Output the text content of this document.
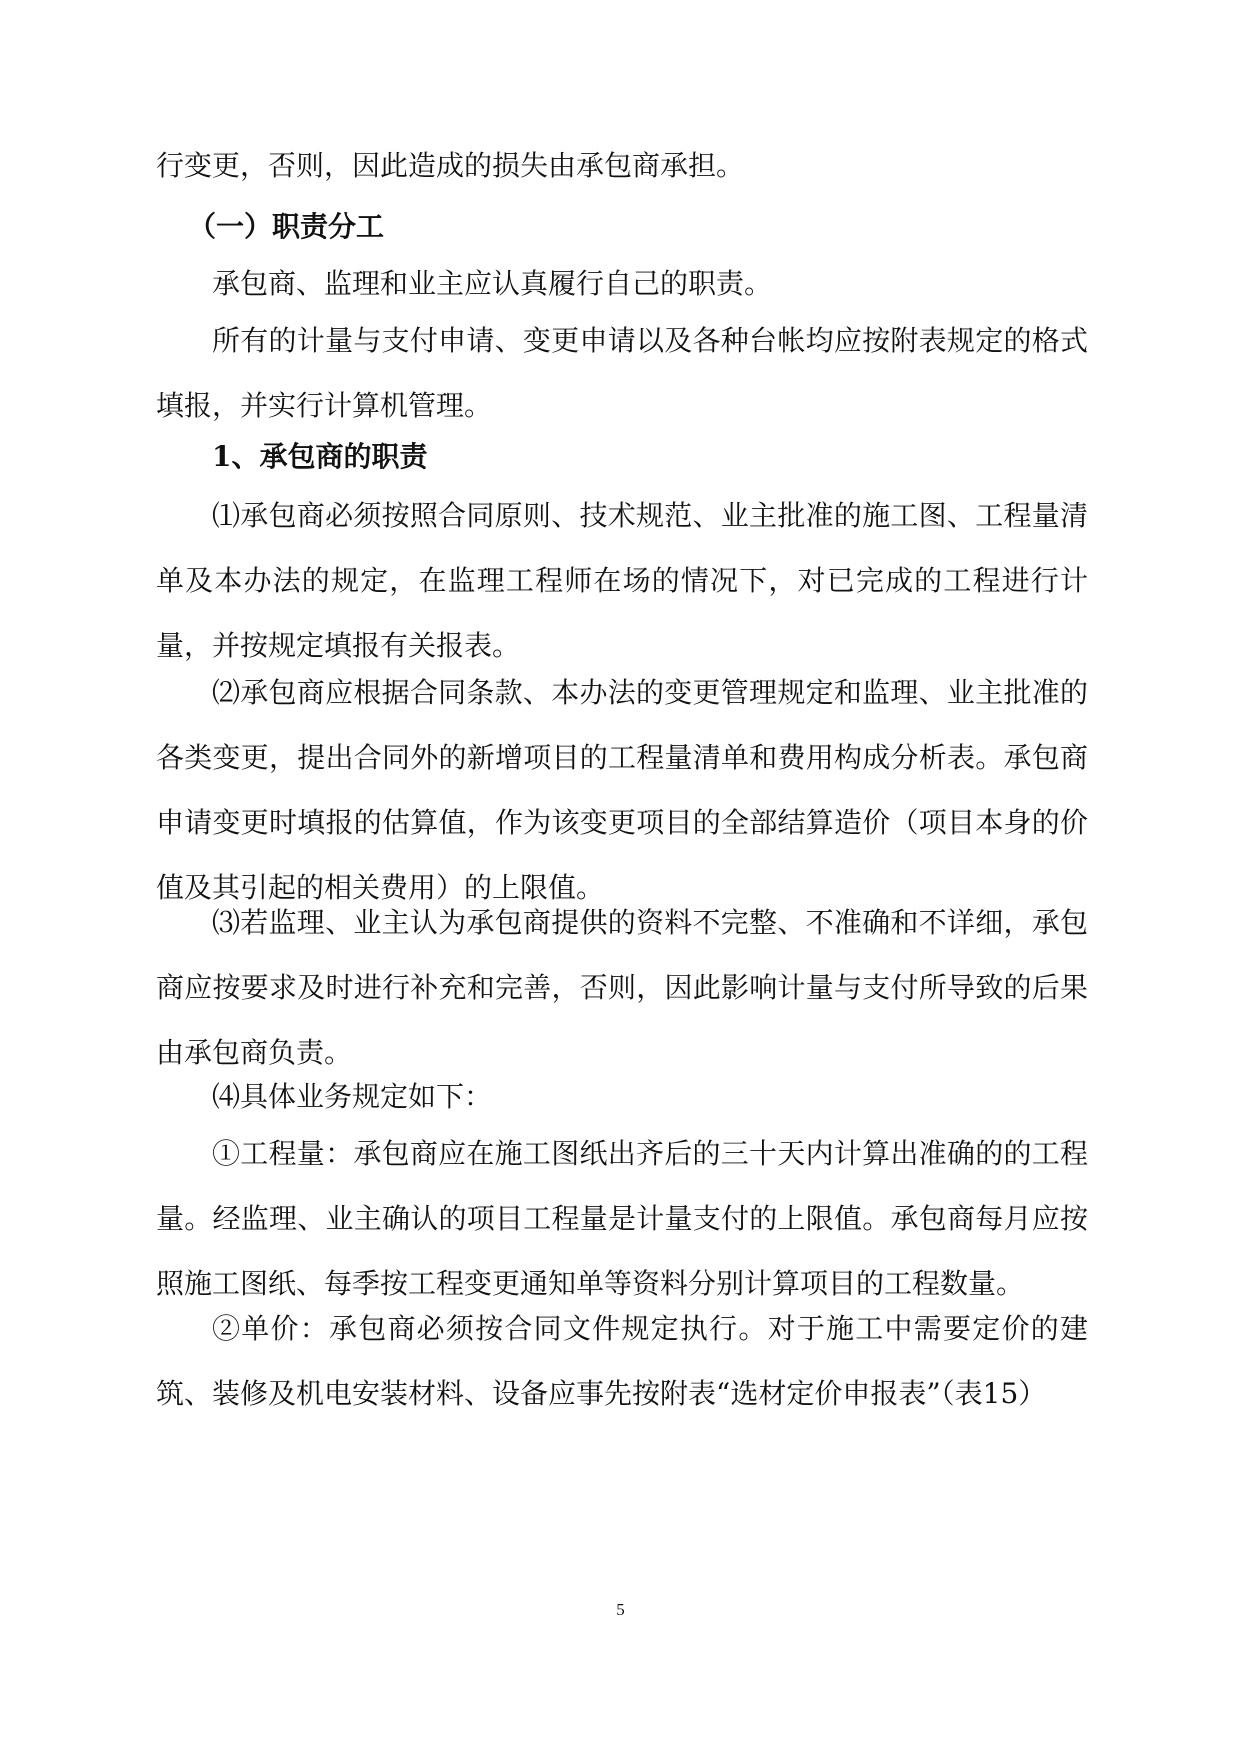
行变更，否则，因此造成的损失由承包商承担。

（一）职责分工

承包商、监理和业主应认真履行自己的职责。

所有的计量与支付申请、变更申请以及各种台帐均应按附表规定的格式填报，并实行计算机管理。

1、承包商的职责

⑴承包商必须按照合同原则、技术规范、业主批准的施工图、工程量清单及本办法的规定，在监理工程师在场的情况下，对已完成的工程进行计量，并按规定填报有关报表。

⑵承包商应根据合同条款、本办法的变更管理规定和监理、业主批准的各类变更，提出合同外的新增项目的工程量清单和费用构成分析表。承包商申请变更时填报的估算值，作为该变更项目的全部结算造价（项目本身的价值及其引起的相关费用）的上限值。

⑶若监理、业主认为承包商提供的资料不完整、不准确和不详细，承包商应按要求及时进行补充和完善，否则，因此影响计量与支付所导致的后果由承包商负责。

⑷具体业务规定如下：

①工程量：承包商应在施工图纸出齐后的三十天内计算出准确的的工程量。经监理、业主确认的项目工程量是计量支付的上限值。承包商每月应按照施工图纸、每季按工程变更通知单等资料分别计算项目的工程数量。

②单价：承包商必须按合同文件规定执行。对于施工中需要定价的建筑、装修及机电安装材料、设备应事先按附表“选材定价申报表”（表15）

5
